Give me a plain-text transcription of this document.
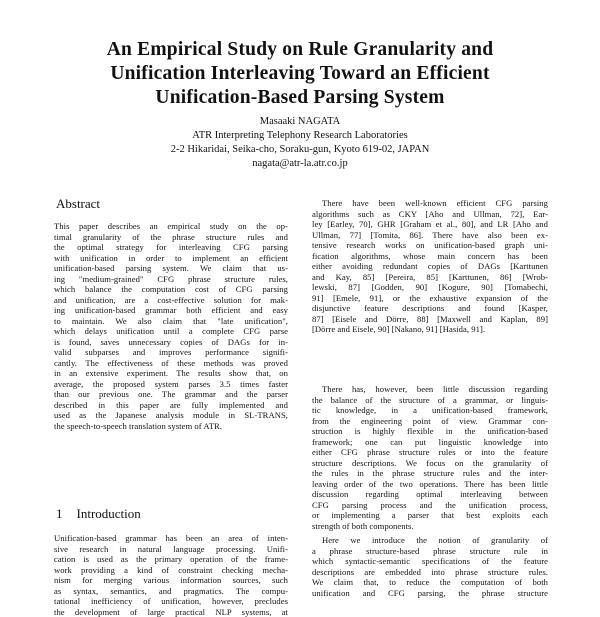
An Empirical Study on Rule Granularity and
Unification Interleaving Toward an Efficient
Unification-Based Parsing System
Masaaki NAGATA
ATR Interpreting Telephony Research Laboratories
2-2 Hikaridai, Seika-cho, Soraku-gun, Kyoto 619-02, JAPAN
nagata@atr-la.atr.co.jp
Abstract
This paper describes an empirical study on the op-
timal granularity of the phrase structure rules and
the optimal strategy for interleaving CFG parsing
with unification in order to implement an efficient
unification-based parsing system. We claim that us-
ing "medium-grained" CFG phrase structure rules,
which balance the computation cost of CFG parsing
and unification, are a cost-effective solution for mak-
ing unification-based grammar both efficient and easy
to maintain. We also claim that "late unification",
which delays unification until a complete CFG parse
is found, saves unnecessary copies of DAGs for in-
valid subparses and improves performance signifi-
cantly. The effectiveness of these methods was proved
in an extensive experiment. The results show that, on
average, the proposed system parses 3.5 times faster
than our previous one. The grammar and the parser
described in this paper are fully implemented and
used as the Japanese analysis module in SL-TRANS,
the speech-to-speech translation system of ATR.
1 Introduction
Unification-based grammar has been an area of inten-
sive research in natural language processing. Unifi-
cation is used as the primary operation of the frame-
work providing a kind of constraint checking mecha-
nism for merging various information sources, such
as syntax, semantics, and pragmatics. The compu-
tational inefficiency of unification, however, precludes
the development of large practical NLP systems, at
There have been well-known efficient CFG parsing
algorithms such as CKY [Aho and Ullman, 72], Ear-
ley [Earley, 70], GHR [Graham et al., 80], and LR [Aho and
Ullman, 77] [Tomita, 86]. There have also been ex-
tensive research works on unification-based graph uni-
fication algorithms, whose main concern has been
either avoiding redundant copies of DAGs [Karttunen
and Kay, 85] [Pereira, 85] [Karttunen, 86] [Wrob-
lewski, 87] [Godden, 90] [Kogure, 90] [Tomabechi,
91] [Emele, 91], or the exhaustive expansion of the
disjunctive feature descriptions and found [Kasper,
87] [Eisele and Dörre, 88] [Maxwell and Kaplan, 89]
[Dörre and Eisele, 90] [Nakano, 91] [Hasida, 91].
There has, however, been little discussion regarding
the balance of the structure of a grammar, or linguis-
tic knowledge, in a unification-based framework,
from the engineering point of view. Grammar con-
struction is highly flexible in the unification-based
framework; one can put linguistic knowledge into
either CFG phrase structure rules or into the feature
structure descriptions. We focus on the granularity of
the rules in the phrase structure rules and the inter-
leaving order of the two operations. There has been little
discussion regarding optimal interleaving between
CFG parsing process and the unification process,
or implementing a parser that best exploits each
strength of both components.
Here we introduce the notion of granularity of
a phrase structure-based phrase structure rule in
which syntactic-semantic specifications of the feature
descriptions are embedded into phrase structure rules.
We claim that, to reduce the computation of both
unification and CFG parsing, the phrase structure
